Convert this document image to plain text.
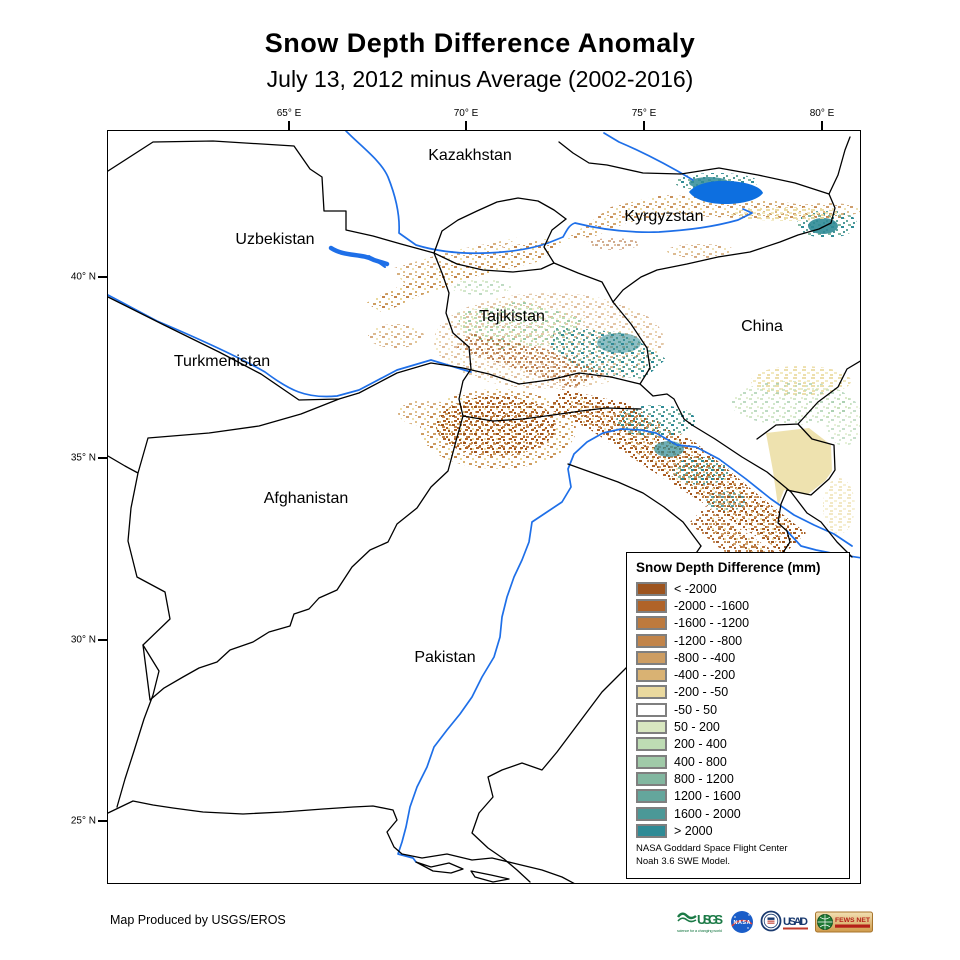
Snow Depth Difference Anomaly
July 13, 2012 minus Average (2002-2016)
65° E	70° E	75° E	80° E
40° N
35° N
30° N
25° N
Kazakhstan
Kyrgyzstan
Uzbekistan
Tajikistan
China
Turkmenistan
Afghanistan
Pakistan
Snow Depth Difference (mm)
< -2000
-2000 - -1600
-1600 - -1200
-1200 - -800
-800 - -400
-400 - -200
-200 - -50
-50 - 50
50 - 200
200 - 400
400 - 800
800 - 1200
1200 - 1600
1600 - 2000
> 2000
NASA Goddard Space Flight Center
Noah 3.6 SWE Model.
Map Produced by USGS/EROS	USGS
science for a changing world
NASA	USAID	FEWS NET
